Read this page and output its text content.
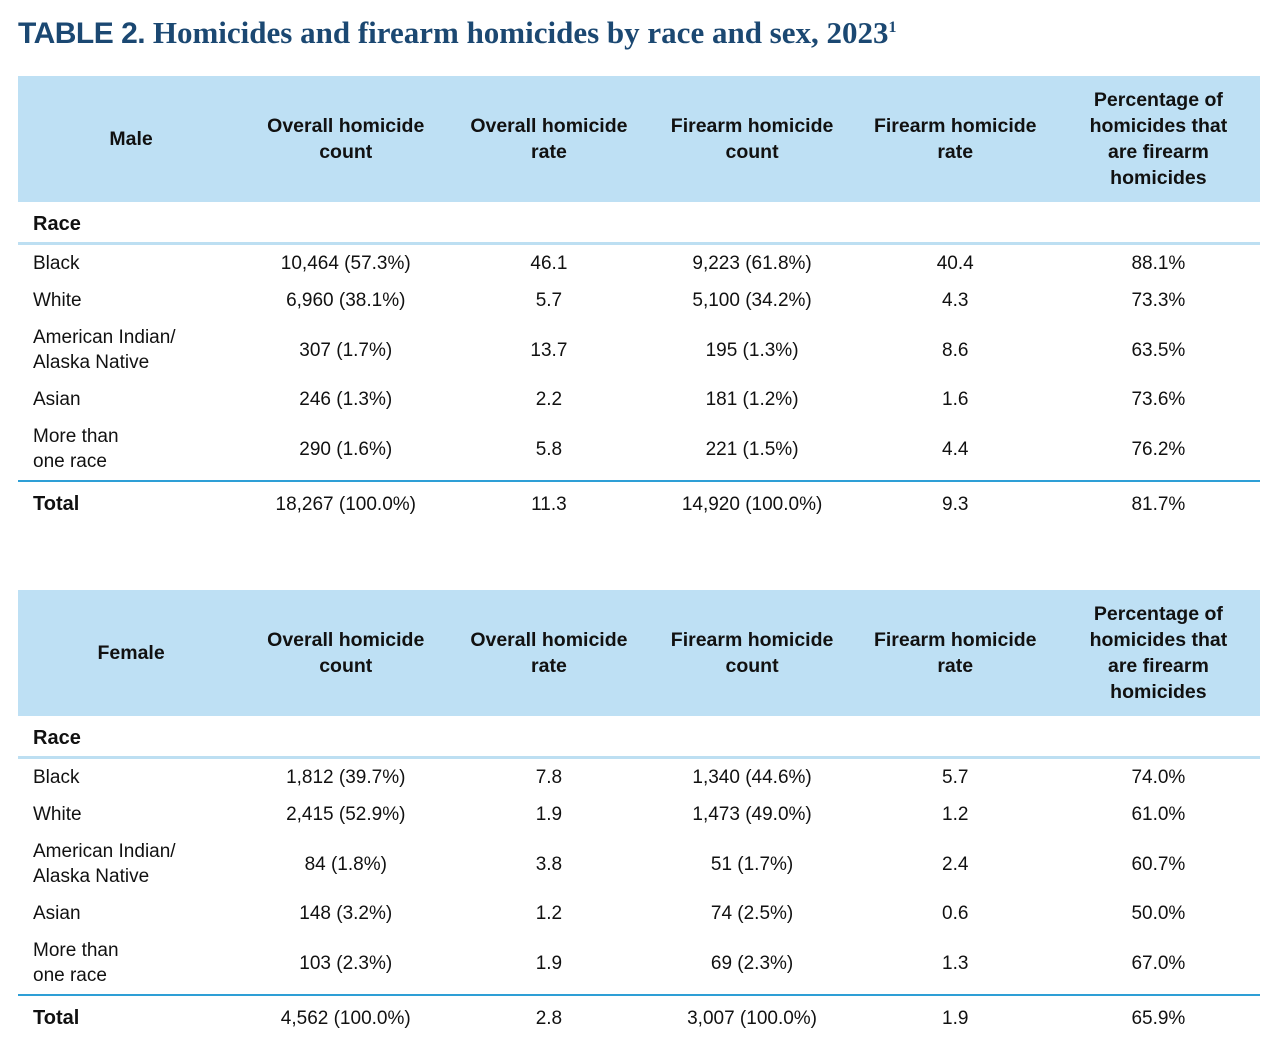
TABLE 2. Homicides and firearm homicides by race and sex, 2023$^1$
Male	Overall homicide count	Overall homicide rate	Firearm homicide count	Firearm homicide rate	Percentage of homicides that are firearm homicides
Race					

Black	10,464 (57.3%)	46.1	9,223 (61.8%)	40.4	88.1%

White	6,960 (38.1%)	5.7	5,100 (34.2%)	4.3	73.3%

American Indian/
Alaska Native	307 (1.7%)	13.7	195 (1.3%)	8.6	63.5%

Asian	246 (1.3%)	2.2	181 (1.2%)	1.6	73.6%

More than
one race	290 (1.6%)	5.8	221 (1.5%)	4.4	76.2%
Total	18,267 (100.0%)	11.3	14,920 (100.0%)	9.3	81.7%
Female	Overall homicide count	Overall homicide rate	Firearm homicide count	Firearm homicide rate	Percentage of homicides that are firearm homicides
Race					

Black	1,812 (39.7%)	7.8	1,340 (44.6%)	5.7	74.0%

White	2,415 (52.9%)	1.9	1,473 (49.0%)	1.2	61.0%

American Indian/
Alaska Native	84 (1.8%)	3.8	51 (1.7%)	2.4	60.7%

Asian	148 (3.2%)	1.2	74 (2.5%)	0.6	50.0%

More than
one race	103 (2.3%)	1.9	69 (2.3%)	1.3	67.0%
Total	4,562 (100.0%)	2.8	3,007 (100.0%)	1.9	65.9%
